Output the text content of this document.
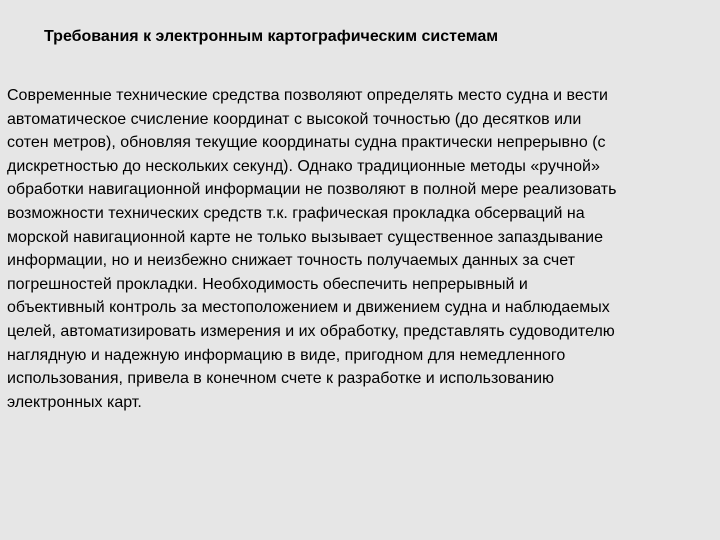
Требования к электронным картографическим системам
Современные технические средства позволяют определять место судна и вести
автоматическое счисление координат с высокой точностью (до десятков или
сотен метров), обновляя текущие координаты судна практически непрерывно (с
дискретностью до нескольких секунд). Однако традиционные методы «ручной»
обработки навигационной информации не позволяют в полной мере реализовать
возможности технических средств т.к. графическая прокладка обсерваций на
морской навигационной карте не только вызывает существенное запаздывание
информации, но и неизбежно снижает точность получаемых данных за счет
погрешностей прокладки. Необходимость обеспечить непрерывный и
объективный контроль за местоположением и движением судна и наблюдаемых
целей, автоматизировать измерения и их обработку, представлять судоводителю
наглядную и надежную информацию в виде, пригодном для немедленного
использования, привела в конечном счете к разработке и использованию
электронных карт.
